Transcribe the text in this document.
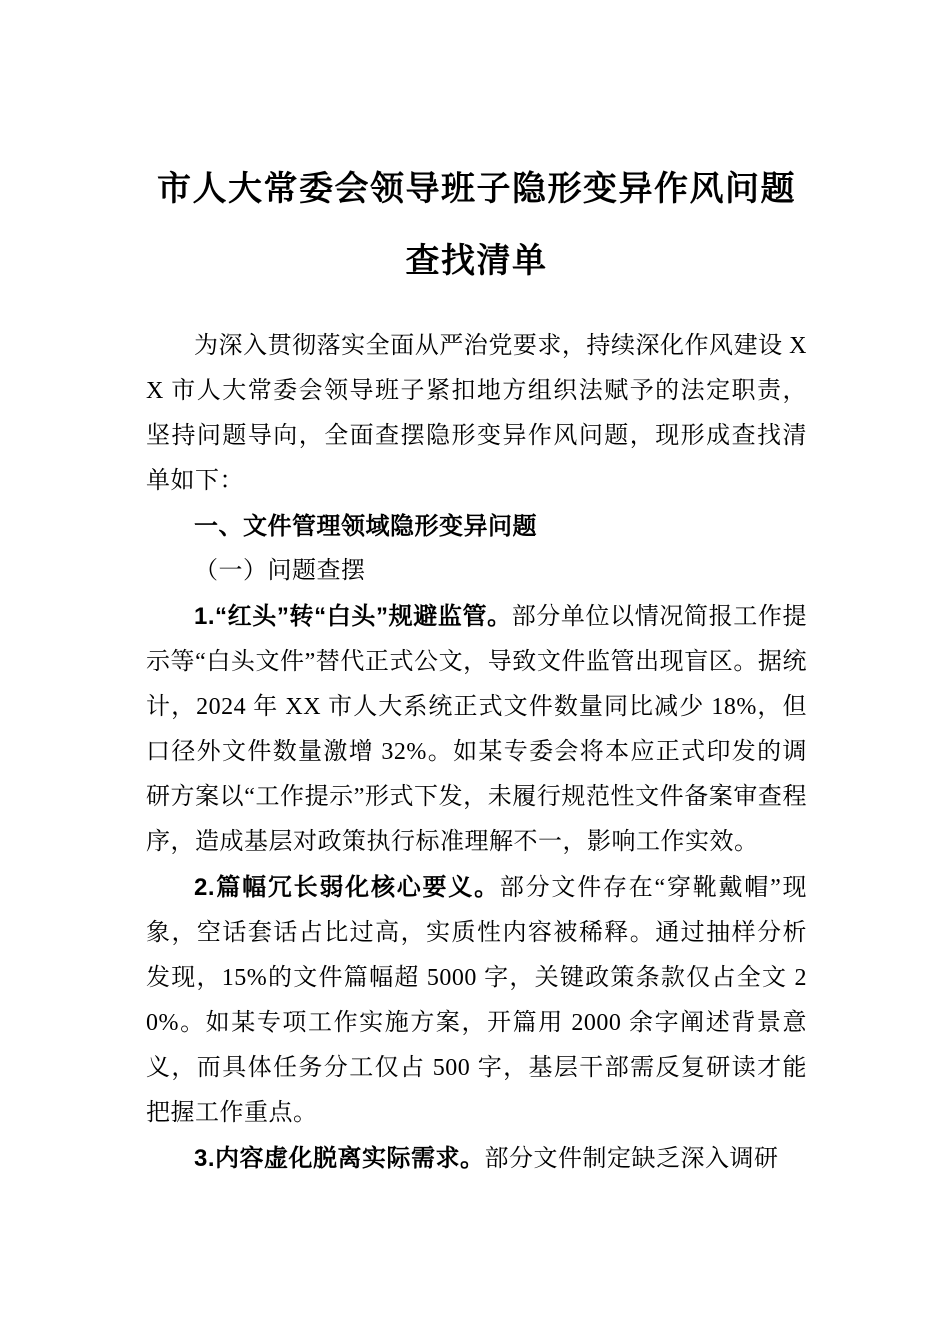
市人大常委会领导班子隐形变异作风问题
查找清单

为深入贯彻落实全面从严治党要求，持续深化作风建设 XX 市人大常委会领导班子紧扣地方组织法赋予的法定职责，坚持问题导向，全面查摆隐形变异作风问题，现形成查找清单如下：

一、文件管理领域隐形变异问题

（一）问题查摆

1.“红头”转“白头”规避监管。部分单位以情况简报工作提示等“白头文件”替代正式公文，导致文件监管出现盲区。据统计，2024 年 XX 市人大系统正式文件数量同比减少 18%，但口径外文件数量激增 32%。如某专委会将本应正式印发的调研方案以“工作提示”形式下发，未履行规范性文件备案审查程序，造成基层对政策执行标准理解不一，影响工作实效。

2.篇幅冗长弱化核心要义。部分文件存在“穿靴戴帽”现象，空话套话占比过高，实质性内容被稀释。通过抽样分析发现，15%的文件篇幅超 5000 字，关键政策条款仅占全文 20%。如某专项工作实施方案，开篇用 2000 余字阐述背景意义，而具体任务分工仅占 500 字，基层干部需反复研读才能把握工作重点。

3.内容虚化脱离实际需求。部分文件制定缺乏深入调研
